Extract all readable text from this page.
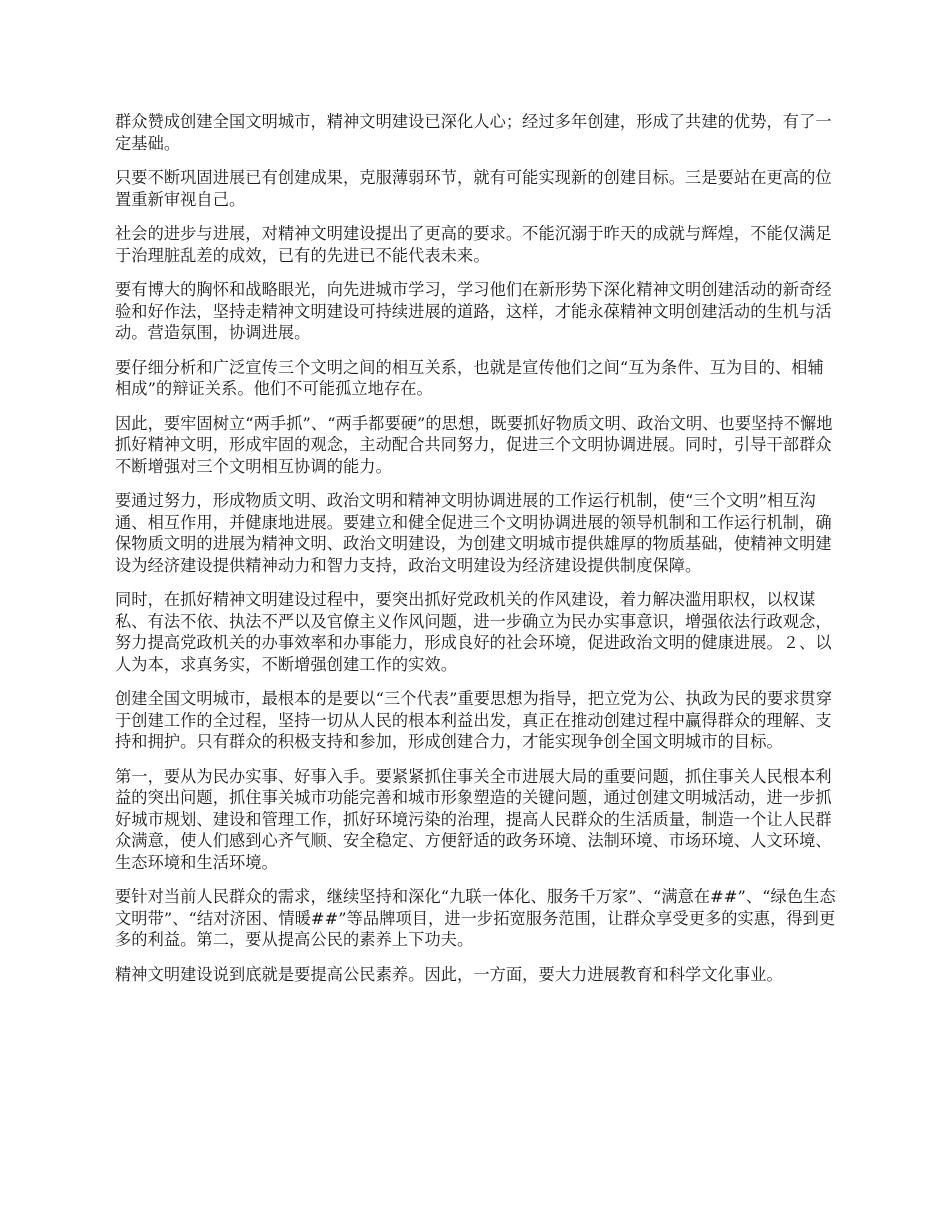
群众赞成创建全国文明城市，精神文明建设已深化人心；经过多年创建，形成了共建的优势，有了一定基础。

只要不断巩固进展已有创建成果，克服薄弱环节，就有可能实现新的创建目标。三是要站在更高的位置重新审视自己。

社会的进步与进展，对精神文明建设提出了更高的要求。不能沉溺于昨天的成就与辉煌，不能仅满足于治理脏乱差的成效，已有的先进已不能代表未来。

要有博大的胸怀和战略眼光，向先进城市学习，学习他们在新形势下深化精神文明创建活动的新奇经验和好作法，坚持走精神文明建设可持续进展的道路，这样，才能永葆精神文明创建活动的生机与活动。营造氛围，协调进展。

要仔细分析和广泛宣传三个文明之间的相互关系，也就是宣传他们之间“互为条件、互为目的、相辅相成”的辩证关系。他们不可能孤立地存在。

因此，要牢固树立“两手抓”、“两手都要硬”的思想，既要抓好物质文明、政治文明、也要坚持不懈地抓好精神文明，形成牢固的观念，主动配合共同努力，促进三个文明协调进展。同时，引导干部群众不断增强对三个文明相互协调的能力。

要通过努力，形成物质文明、政治文明和精神文明协调进展的工作运行机制，使“三个文明”相互沟通、相互作用，并健康地进展。要建立和健全促进三个文明协调进展的领导机制和工作运行机制，确保物质文明的进展为精神文明、政治文明建设，为创建文明城市提供雄厚的物质基础，使精神文明建设为经济建设提供精神动力和智力支持，政治文明建设为经济建设提供制度保障。

同时，在抓好精神文明建设过程中，要突出抓好党政机关的作风建设，着力解决滥用职权，以权谋私、有法不依、执法不严以及官僚主义作风问题，进一步确立为民办实事意识，增强依法行政观念，努力提高党政机关的办事效率和办事能力，形成良好的社会环境，促进政治文明的健康进展。２、以人为本，求真务实，不断增强创建工作的实效。

创建全国文明城市，最根本的是要以“三个代表”重要思想为指导，把立党为公、执政为民的要求贯穿于创建工作的全过程，坚持一切从人民的根本利益出发，真正在推动创建过程中赢得群众的理解、支持和拥护。只有群众的积极支持和参加，形成创建合力，才能实现争创全国文明城市的目标。

第一，要从为民办实事、好事入手。要紧紧抓住事关全市进展大局的重要问题，抓住事关人民根本利益的突出问题，抓住事关城市功能完善和城市形象塑造的关键问题，通过创建文明城活动，进一步抓好城市规划、建设和管理工作，抓好环境污染的治理，提高人民群众的生活质量，制造一个让人民群众满意，使人们感到心齐气顺、安全稳定、方便舒适的政务环境、法制环境、市场环境、人文环境、生态环境和生活环境。

要针对当前人民群众的需求，继续坚持和深化“九联一体化、服务千万家”、“满意在##”、“绿色生态文明带”、“结对济困、情暖##”等品牌项目，进一步拓宽服务范围，让群众享受更多的实惠，得到更多的利益。第二，要从提高公民的素养上下功夫。

精神文明建设说到底就是要提高公民素养。因此，一方面，要大力进展教育和科学文化事业。
